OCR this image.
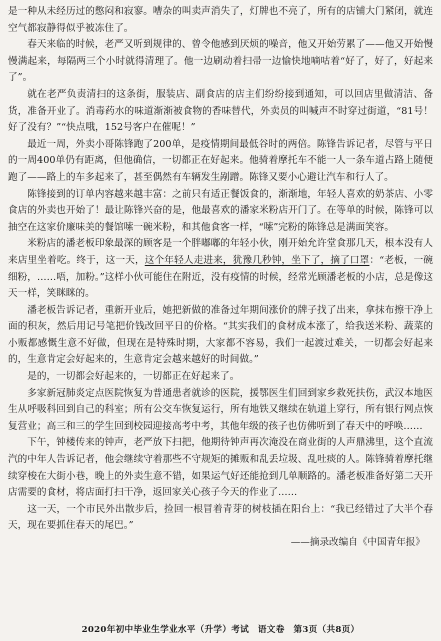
是一种从未经历过的憋闷和寂寥。嘈杂的叫卖声消失了，灯牌也不亮了，所有的店铺大门紧闭，就连空气都寂静得似乎被冻住了。

春天来临的时候，老严又听到规律的、曾令他感到厌烦的噪音，他又开始劳累了——他又开始慢慢满起来，每隔两三个小时就得清理了。他一边刷动着扫帚一边愉快地嘀咕着“好了，好了，好起来了”。

就在老严负责清扫的这条街，服装店、副食店的店主们纷纷接到通知，可以回店里做清洁、备货，准备开业了。消毒药水的味道渐渐被食物的香味替代，外卖员的叫喊声不时穿过街道，“81号！好了没有？”“快点哦，152号客户在催呢！”

最近一周，外卖小哥陈锋跑了200单，是疫情期间最低谷时的两倍。陈锋告诉记者，尽管与平日的一周400单仍有距离，但他确信，一切都正在好起来。他骑着摩托车不能一人一条车道占路上随便跑了——路上的车多起来了，甚至偶然有车辆发生剐蹭。陈锋又要小心避让汽车和行人了。

陈锋接到的订单内容越来越丰富：之前只有适正餐饭食的，渐渐地，年轻人喜欢的奶茶店、小零食店的外卖也开始了！最让陈锋兴奋的是，他最喜欢的潘家米粉店开门了。在等单的时候，陈锋可以抽空在这家价廉味美的餐馆嗦一碗米粉，和其他食客一样，“嗦”完粉的陈锋总是满面笑容。

米粉店的潘老板印象最深的顾客是一个胖嘟嘟的年轻小伙，刚开始允许堂食那几天，根本没有人来店里坐着吃。终于，这一天，这个年轻人走进来，犹豫几秒钟，坐下了，摘了口罩：“老板，一碗细粉，……唔，加粉。”这样小伙可能住在附近，没有疫情的时候，经常光顾潘老板的小店，总是像这天一样，笑眯眯的。

潘老板告诉记者，重新开业后，她把新做的准备过年期间涨价的牌子找了出来，拿抹布擦干净上面的积灰，然后用记号笔把价钱改回平日的价格。“其实我们的食材成本涨了，给我送米粉、蔬菜的小贩都感慨生意不好做，但现在是特殊时期，大家都不容易，我们一起渡过难关，一切都会好起来的，生意肯定会好起来的，生意肯定会越来越好的时间做。”

是的，一切都会好起来的，一切都正在好起来了。

多家新冠肺炎定点医院恢复为普通患者就诊的医院，援鄂医生们回到家乡救死扶伤，武汉本地医生从呼吸科回到自己的科室；所有公交车恢复运行，所有地铁又继续在轨道上穿行，所有银行网点恢复营业；高三和三的学生回到校园迎接高考中考，其他年级的孩子也仿佛听到了春天中的呼唤……

下午，钟楼传来的钟声，老严放下扫把，他期待钟声再次淹没在商业街的人声鼎沸里，这个直流汽的中年人告诉记者，他会继续守着那些不守规矩的摊贩和乱丢垃圾、乱吐痰的人。陈锋骑着摩托继续穿梭在大街小巷，晚上的外卖生意不错，如果运气好还能抢到几单顺路的。潘老板准备好第二天开店需要的食材，将店面打扫干净，返回家关心孩子今天的作业了……

这一天，一个市民外出散步后，捡回一根冒着青芽的树枝插在阳台上：“我已经错过了大半个春天，现在要抓住春天的尾巴。”

——摘录改编自《中国青年报》

2020年初中毕业生学业水平（升学）考试　语文卷　第3页（共8页）
